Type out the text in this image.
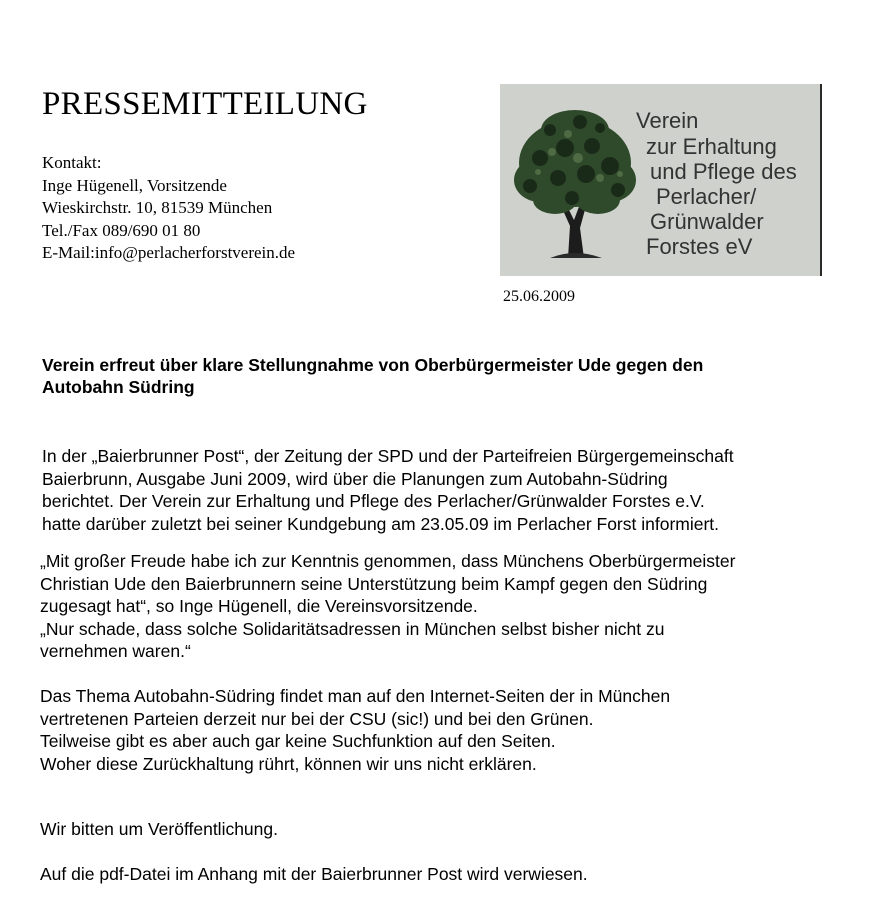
PRESSEMITTEILUNG
Kontakt:
Inge Hügenell, Vorsitzende
Wieskirchstr. 10, 81539 München
Tel./Fax 089/690 01 80
E-Mail:info@perlacherforstverein.de
Verein
zur Erhaltung
und Pflege des
Perlacher/
Grünwalder
Forstes eV
25.06.2009
Verein erfreut über klare Stellungnahme von Oberbürgermeister Ude gegen den
Autobahn Südring
In der „Baierbrunner Post“, der Zeitung der SPD und der Parteifreien Bürgergemeinschaft
Baierbrunn, Ausgabe Juni 2009, wird über die Planungen zum Autobahn-Südring
berichtet. Der Verein zur Erhaltung und Pflege des Perlacher/Grünwalder Forstes e.V.
hatte darüber zuletzt bei seiner Kundgebung am 23.05.09 im Perlacher Forst informiert.
„Mit großer Freude habe ich zur Kenntnis genommen, dass Münchens Oberbürgermeister
Christian Ude den Baierbrunnern seine Unterstützung beim Kampf gegen den Südring
zugesagt hat“, so Inge Hügenell, die Vereinsvorsitzende.
„Nur schade, dass solche Solidaritätsadressen in München selbst bisher nicht zu
vernehmen waren.“
Das Thema Autobahn-Südring findet man auf den Internet-Seiten der in München
vertretenen Parteien derzeit nur bei der CSU (sic!) und bei den Grünen.
Teilweise gibt es aber auch gar keine Suchfunktion auf den Seiten.
Woher diese Zurückhaltung rührt, können wir uns nicht erklären.
Wir bitten um Veröffentlichung.
Auf die pdf-Datei im Anhang mit der Baierbrunner Post wird verwiesen.
